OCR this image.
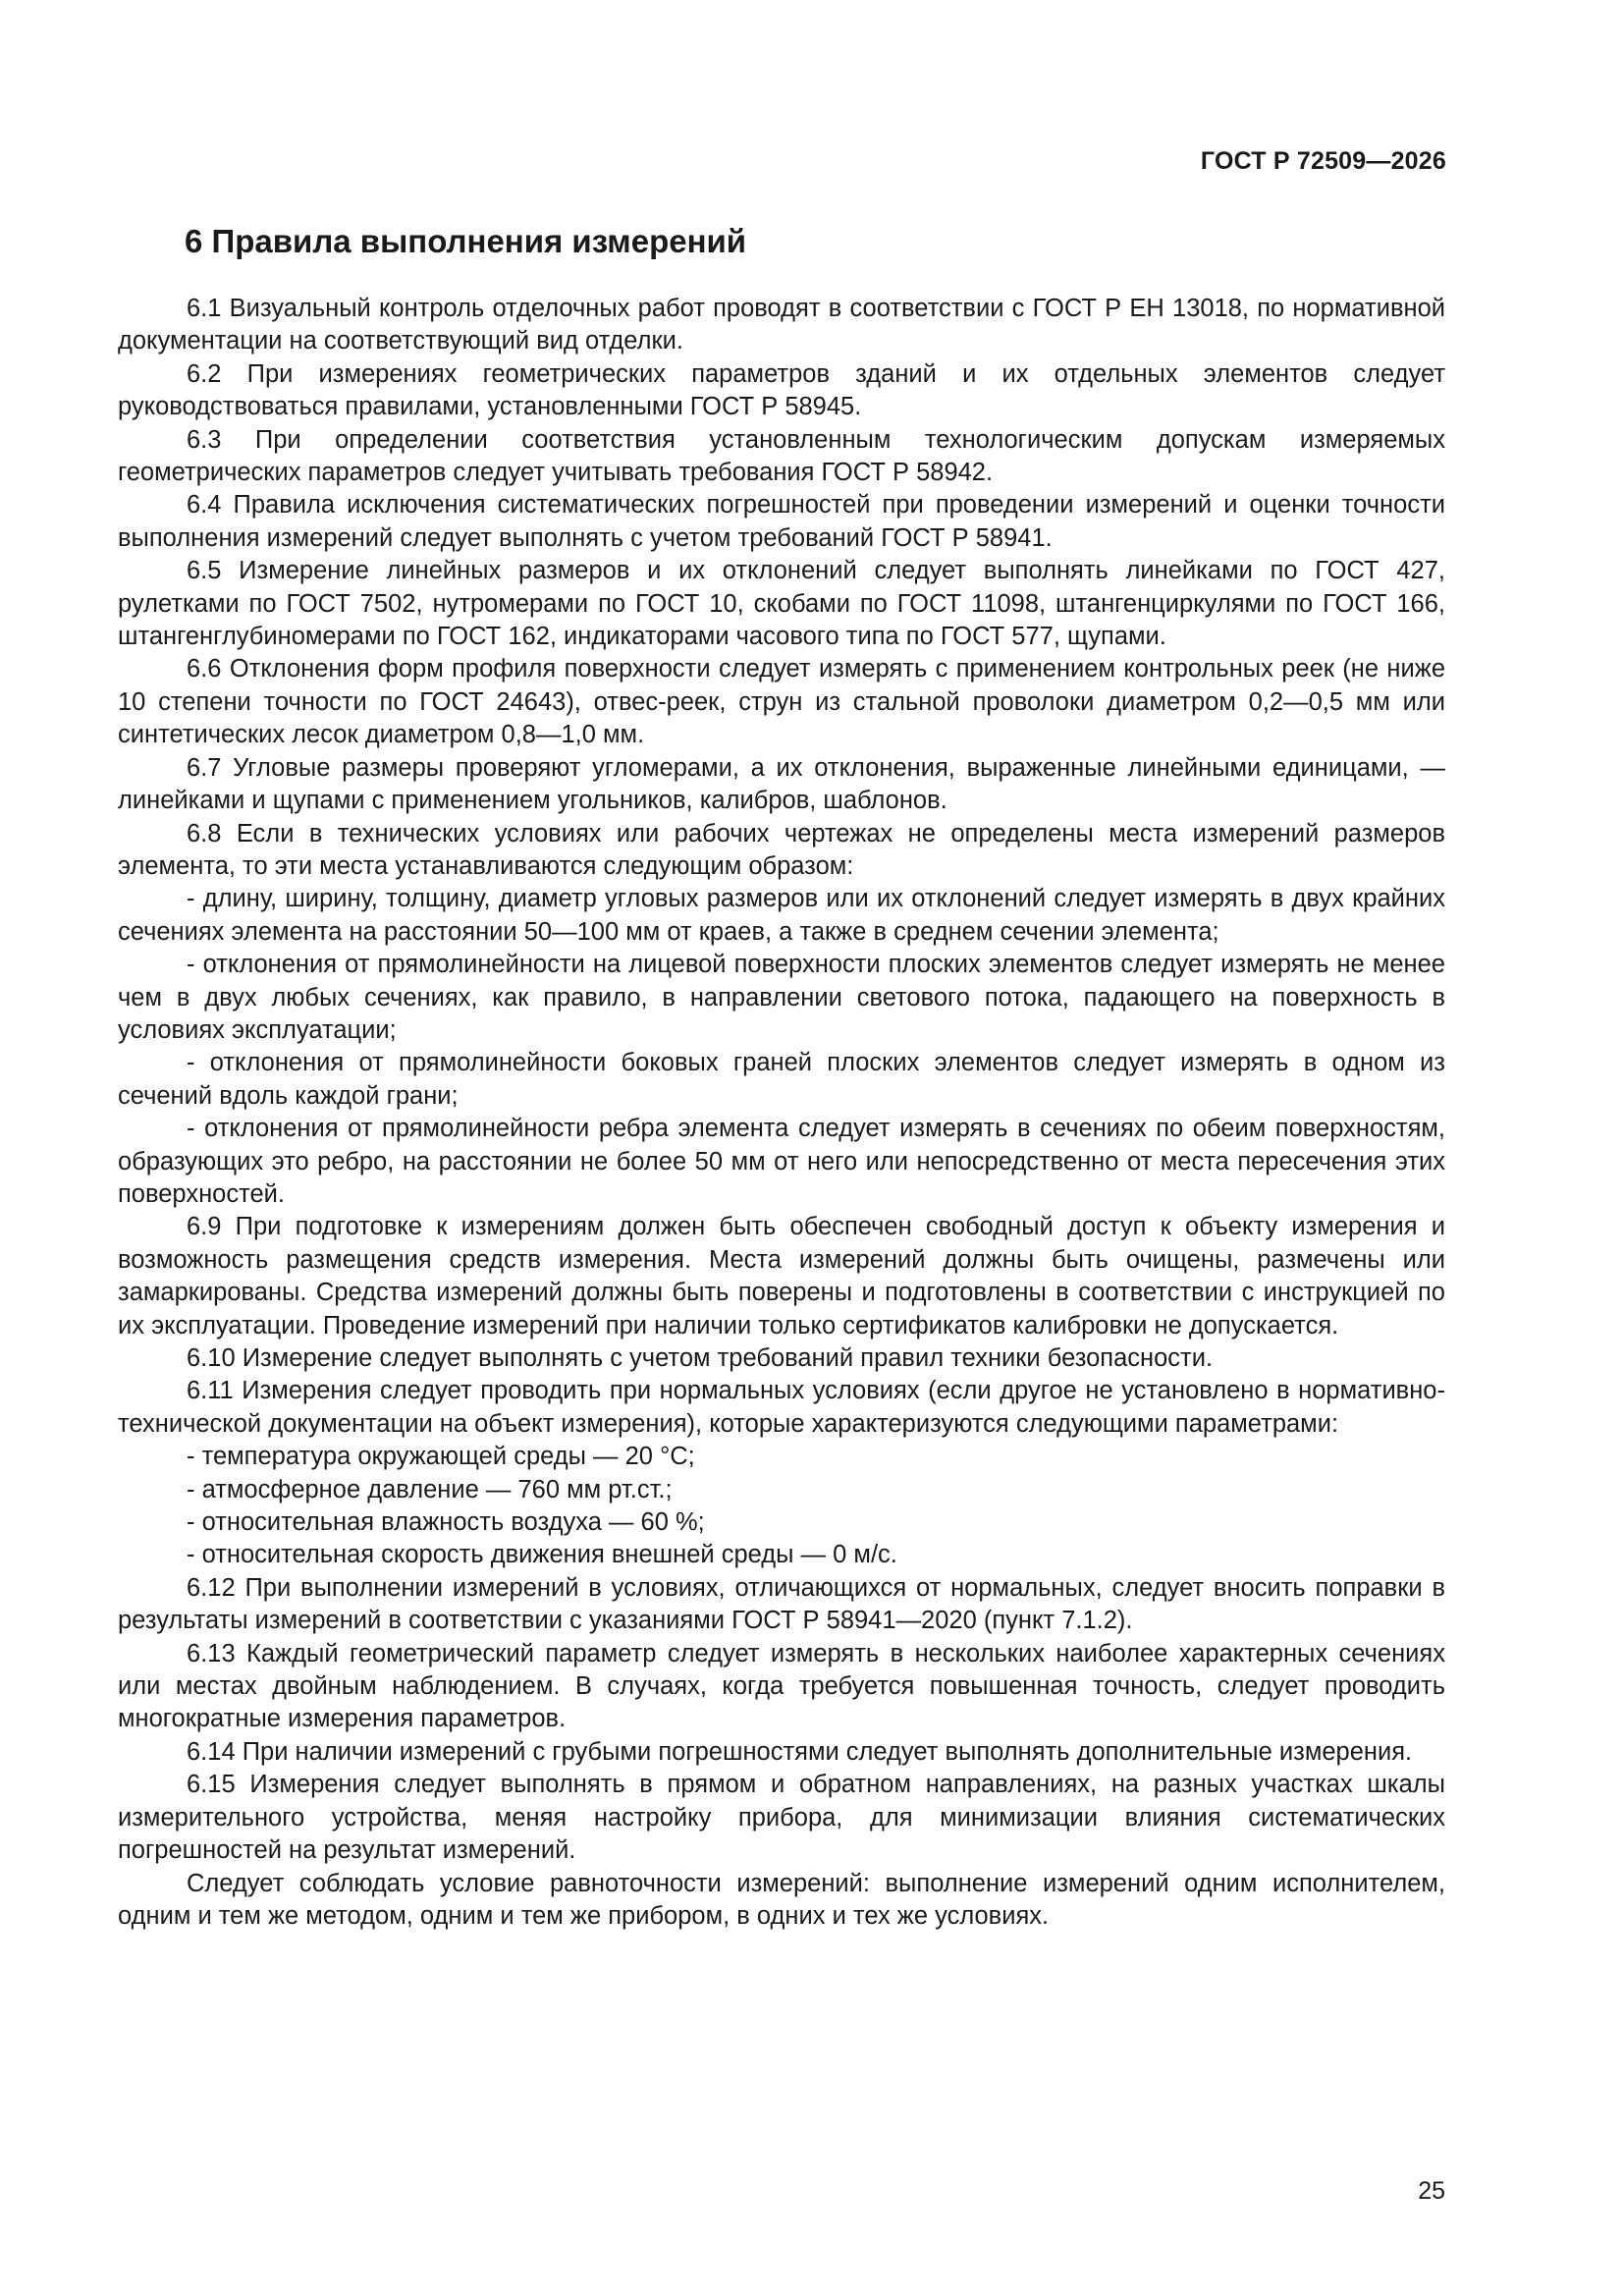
ГОСТ Р 72509—2026
6 Правила выполнения измерений

6.1 Визуальный контроль отделочных работ проводят в соответствии с ГОСТ Р ЕН 13018, по нормативной документации на соответствующий вид отделки.

6.2 При измерениях геометрических параметров зданий и их отдельных элементов следует руководствоваться правилами, установленными ГОСТ Р 58945.

6.3 При определении соответствия установленным технологическим допускам измеряемых геометрических параметров следует учитывать требования ГОСТ Р 58942.

6.4 Правила исключения систематических погрешностей при проведении измерений и оценки точности выполнения измерений следует выполнять с учетом требований ГОСТ Р 58941.

6.5 Измерение линейных размеров и их отклонений следует выполнять линейками по ГОСТ 427, рулетками по ГОСТ 7502, нутромерами по ГОСТ 10, скобами по ГОСТ 11098, штангенциркулями по ГОСТ 166, штангенглубиномерами по ГОСТ 162, индикаторами часового типа по ГОСТ 577, щупами.

6.6 Отклонения форм профиля поверхности следует измерять с применением контрольных реек (не ниже 10 степени точности по ГОСТ 24643), отвес-реек, струн из стальной проволоки диаметром 0,2—0,5 мм или синтетических лесок диаметром 0,8—1,0 мм.

6.7 Угловые размеры проверяют угломерами, а их отклонения, выраженные линейными единицами, — линейками и щупами с применением угольников, калибров, шаблонов.

6.8 Если в технических условиях или рабочих чертежах не определены места измерений размеров элемента, то эти места устанавливаются следующим образом:

- длину, ширину, толщину, диаметр угловых размеров или их отклонений следует измерять в двух крайних сечениях элемента на расстоянии 50—100 мм от краев, а также в среднем сечении элемента;

- отклонения от прямолинейности на лицевой поверхности плоских элементов следует измерять не менее чем в двух любых сечениях, как правило, в направлении светового потока, падающего на поверхность в условиях эксплуатации;

- отклонения от прямолинейности боковых граней плоских элементов следует измерять в одном из сечений вдоль каждой грани;

- отклонения от прямолинейности ребра элемента следует измерять в сечениях по обеим поверхностям, образующих это ребро, на расстоянии не более 50 мм от него или непосредственно от места пересечения этих поверхностей.

6.9 При подготовке к измерениям должен быть обеспечен свободный доступ к объекту измерения и возможность размещения средств измерения. Места измерений должны быть очищены, размечены или замаркированы. Средства измерений должны быть поверены и подготовлены в соответствии с инструкцией по их эксплуатации. Проведение измерений при наличии только сертификатов калибровки не допускается.

6.10 Измерение следует выполнять с учетом требований правил техники безопасности.

6.11 Измерения следует проводить при нормальных условиях (если другое не установлено в нормативно-технической документации на объект измерения), которые характеризуются следующими параметрами:

- температура окружающей среды — 20 °С;

- атмосферное давление — 760 мм рт.ст.;

- относительная влажность воздуха — 60 %;

- относительная скорость движения внешней среды — 0 м/с.

6.12 При выполнении измерений в условиях, отличающихся от нормальных, следует вносить поправки в результаты измерений в соответствии с указаниями ГОСТ Р 58941—2020 (пункт 7.1.2).

6.13 Каждый геометрический параметр следует измерять в нескольких наиболее характерных сечениях или местах двойным наблюдением. В случаях, когда требуется повышенная точность, следует проводить многократные измерения параметров.

6.14 При наличии измерений с грубыми погрешностями следует выполнять дополнительные измерения.

6.15 Измерения следует выполнять в прямом и обратном направлениях, на разных участках шкалы измерительного устройства, меняя настройку прибора, для минимизации влияния систематических погрешностей на результат измерений.

Следует соблюдать условие равноточности измерений: выполнение измерений одним исполнителем, одним и тем же методом, одним и тем же прибором, в одних и тех же условиях.

25
